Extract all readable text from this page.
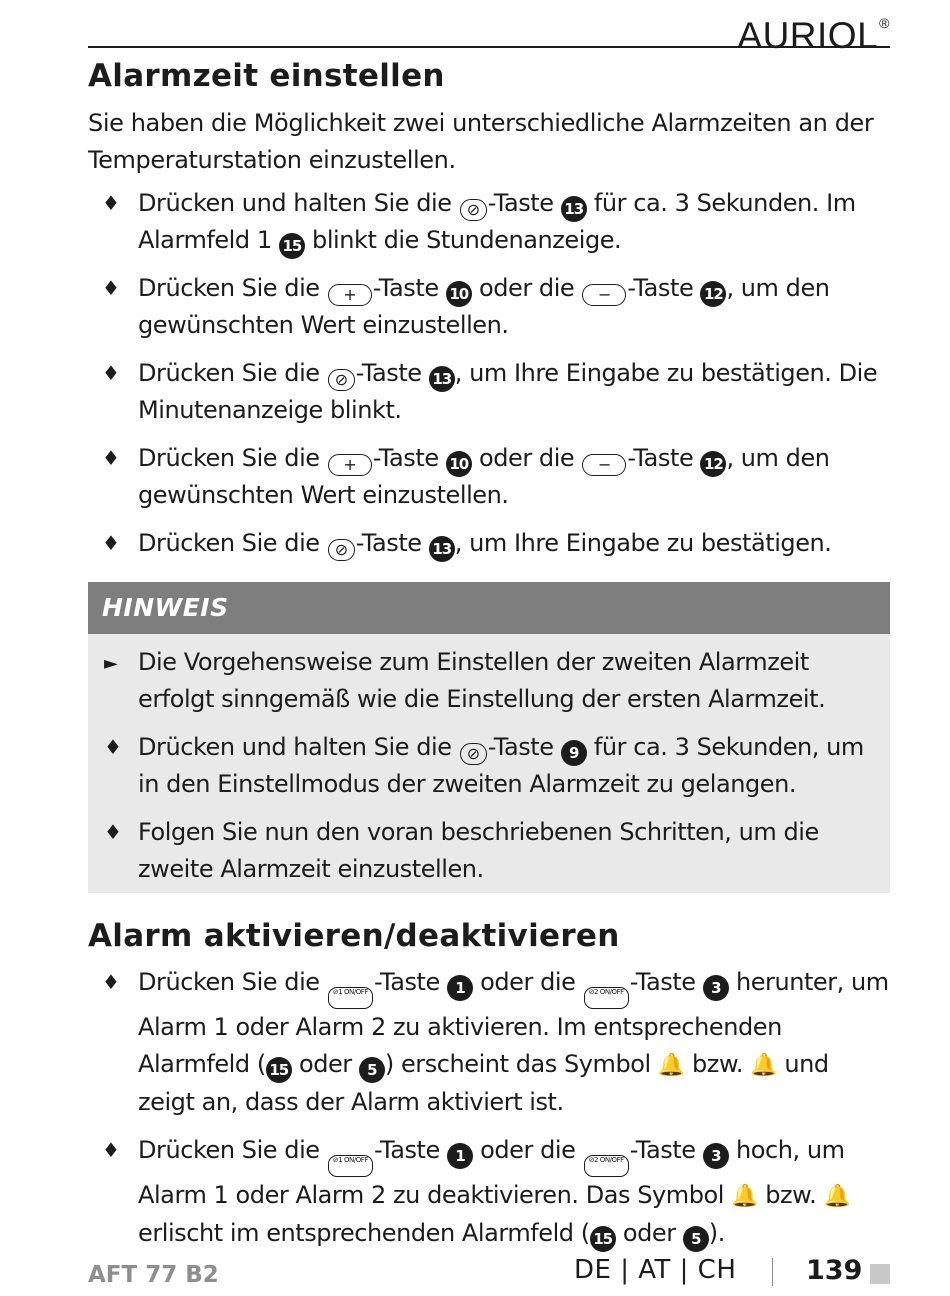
AURIOL®
Alarmzeit einstellen
Sie haben die Möglichkeit zwei unterschiedliche Alarmzeiten an der Temperaturstation einzustellen.
♦ Drücken und halten Sie die ⊘ -Taste 13 für ca. 3 Sekunden. Im Alarmfeld 1 15 blinkt die Stundenanzeige.
♦ Drücken Sie die + -Taste 10 oder die − -Taste 12 , um den gewünschten Wert einzustellen.
♦ Drücken Sie die ⊘ -Taste 13 , um Ihre Eingabe zu bestätigen. Die Minutenanzeige blinkt.
♦ Drücken Sie die + -Taste 10 oder die − -Taste 12 , um den gewünschten Wert einzustellen.
♦ Drücken Sie die ⊘ -Taste 13 , um Ihre Eingabe zu bestätigen.
HINWEIS
► Die Vorgehensweise zum Einstellen der zweiten Alarmzeit erfolgt sinngemäß wie die Einstellung der ersten Alarmzeit.
♦ Drücken und halten Sie die ⊘ -Taste 9 für ca. 3 Sekunden, um in den Einstellmodus der zweiten Alarmzeit zu gelangen.
♦ Folgen Sie nun den voran beschriebenen Schritten, um die zweite Alarmzeit einzustellen.
Alarm aktivieren/deaktivieren
♦ Drücken Sie die ⊘1 ON/OFF -Taste 1 oder die ⊘2 ON/OFF -Taste 3 herunter, um Alarm 1 oder Alarm 2 zu aktivieren. Im entsprechenden Alarmfeld ( 15 oder 5 ) erscheint das Symbol 🔔 bzw. 🔔 und zeigt an, dass der Alarm aktiviert ist.
♦ Drücken Sie die ⊘1 ON/OFF -Taste 1 oder die ⊘2 ON/OFF -Taste 3 hoch, um Alarm 1 oder Alarm 2 zu deaktivieren. Das Symbol 🔔 bzw. 🔔 erlischt im entsprechenden Alarmfeld ( 15 oder 5 ).
AFT 77 B2	DE | AT | CH	139
